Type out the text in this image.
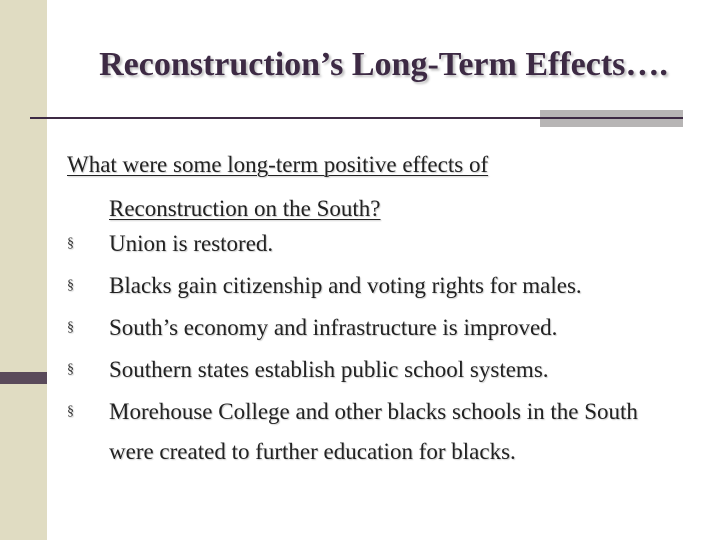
Reconstruction’s Long-Term Effects….
What were some long-term positive effects of
Reconstruction on the South?
§	Union is restored.
§	Blacks gain citizenship and voting rights for males.
§	South’s economy and infrastructure is improved.
§	Southern states establish public school systems.
§	Morehouse College and other blacks schools in the South were created to further education for blacks.
